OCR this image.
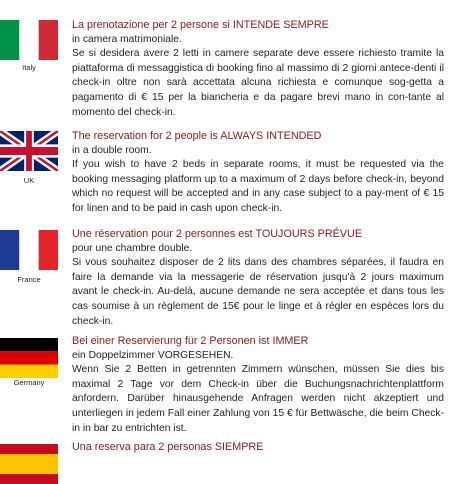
Italy

La prenotazione per 2 persone si INTENDE SEMPRE

in camera matrimoniale.
Se si desidera avere 2 letti in camere separate deve essere richiesto tramite la piattaforma di messaggistica di booking fino al massimo di 2 giorni antece-denti il check-in oltre non sarà accettata alcuna richiesta e comunque sog-getta a pagamento di € 15 per la biancheria e da pagare brevi mano in con-tante al momento del check-in.

UK

The reservation for 2 people is ALWAYS INTENDED

in a double room.
If you wish to have 2 beds in separate rooms, it must be requested via the booking messaging platform up to a maximum of 2 days before check-in, beyond which no request will be accepted and in any case subject to a pay-ment of € 15 for linen and to be paid in cash upon check-in.

France

Une réservation pour 2 personnes est TOUJOURS PRÉVUE

pour une chambre double.
Si vous souhaitez disposer de 2 lits dans des chambres séparées, il faudra en faire la demande via la messagerie de réservation jusqu'à 2 jours maximum avant le check-in. Au-delà, aucune demande ne sera acceptée et dans tous les cas soumise à un règlement de 15€ pour le linge et à régler en espèces lors du check-in.

Germany

Bei einer Reservierung für 2 Personen ist IMMER

ein Doppelzimmer VORGESEHEN.
Wenn Sie 2 Betten in getrennten Zimmern wünschen, müssen Sie dies bis maximal 2 Tage vor dem Check-in über die Buchungsnachrichtenplattform anfordern. Darüber hinausgehende Anfragen werden nicht akzeptiert und unterliegen in jedem Fall einer Zahlung von 15 € für Bettwäsche, die beim Check-in in bar zu entrichten ist.

Una reserva para 2 personas SIEMPRE
